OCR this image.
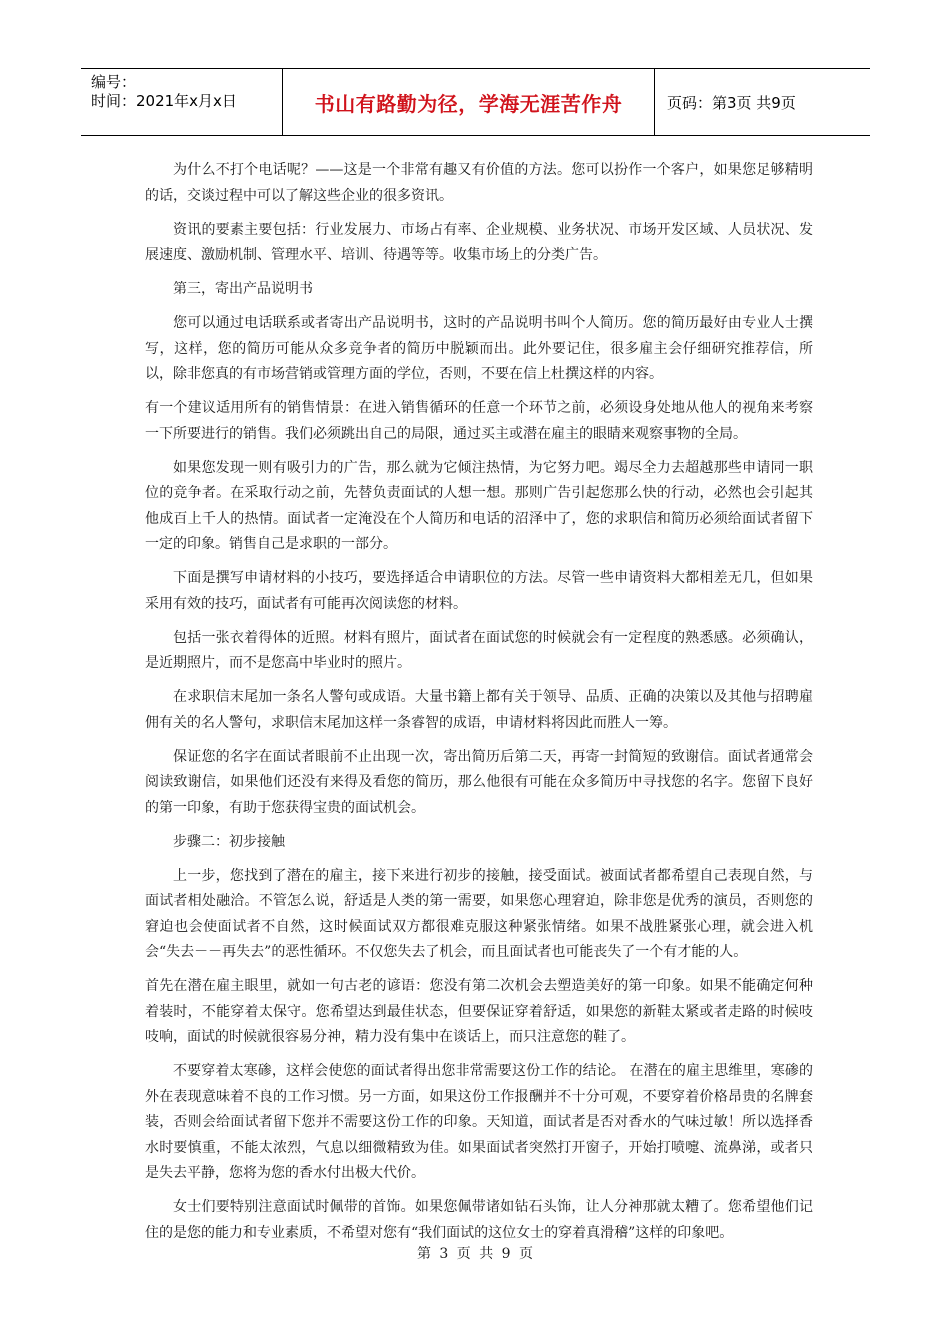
编号：
时间：2021年x月x日	书山有路勤为径，学海无涯苦作舟	页码：第3页 共9页

为什么不打个电话呢？——这是一个非常有趣又有价值的方法。您可以扮作一个客户，如果您足够精明的话，交谈过程中可以了解这些企业的很多资讯。

资讯的要素主要包括：行业发展力、市场占有率、企业规模、业务状况、市场开发区域、人员状况、发展速度、激励机制、管理水平、培训、待遇等等。收集市场上的分类广告。

第三，寄出产品说明书

您可以通过电话联系或者寄出产品说明书，这时的产品说明书叫个人简历。您的简历最好由专业人士撰写，这样，您的简历可能从众多竞争者的简历中脱颖而出。此外要记住，很多雇主会仔细研究推荐信，所以，除非您真的有市场营销或管理方面的学位，否则，不要在信上杜撰这样的内容。

有一个建议适用所有的销售情景：在进入销售循环的任意一个环节之前，必须设身处地从他人的视角来考察一下所要进行的销售。我们必须跳出自己的局限，通过买主或潜在雇主的眼睛来观察事物的全局。

如果您发现一则有吸引力的广告，那么就为它倾注热情，为它努力吧。竭尽全力去超越那些申请同一职位的竞争者。在采取行动之前，先替负责面试的人想一想。那则广告引起您那么快的行动，必然也会引起其他成百上千人的热情。面试者一定淹没在个人简历和电话的沼泽中了，您的求职信和简历必须给面试者留下一定的印象。销售自己是求职的一部分。

下面是撰写申请材料的小技巧，要选择适合申请职位的方法。尽管一些申请资料大都相差无几，但如果采用有效的技巧，面试者有可能再次阅读您的材料。

包括一张衣着得体的近照。材料有照片，面试者在面试您的时候就会有一定程度的熟悉感。必须确认，是近期照片，而不是您高中毕业时的照片。

在求职信末尾加一条名人警句或成语。大量书籍上都有关于领导、品质、正确的决策以及其他与招聘雇佣有关的名人警句，求职信末尾加这样一条睿智的成语，申请材料将因此而胜人一筹。

保证您的名字在面试者眼前不止出现一次，寄出简历后第二天，再寄一封简短的致谢信。面试者通常会阅读致谢信，如果他们还没有来得及看您的简历，那么他很有可能在众多简历中寻找您的名字。您留下良好的第一印象，有助于您获得宝贵的面试机会。

步骤二：初步接触

上一步，您找到了潜在的雇主，接下来进行初步的接触，接受面试。被面试者都希望自己表现自然，与面试者相处融洽。不管怎么说，舒适是人类的第一需要，如果您心理窘迫，除非您是优秀的演员，否则您的窘迫也会使面试者不自然，这时候面试双方都很难克服这种紧张情绪。如果不战胜紧张心理，就会进入机会“失去－－再失去”的恶性循环。不仅您失去了机会，而且面试者也可能丧失了一个有才能的人。

首先在潜在雇主眼里，就如一句古老的谚语：您没有第二次机会去塑造美好的第一印象。如果不能确定何种着装时，不能穿着太保守。您希望达到最佳状态，但要保证穿着舒适，如果您的新鞋太紧或者走路的时候吱吱响，面试的时候就很容易分神，精力没有集中在谈话上，而只注意您的鞋了。

不要穿着太寒碜，这样会使您的面试者得出您非常需要这份工作的结论。 在潜在的雇主思维里，寒碜的外在表现意味着不良的工作习惯。另一方面，如果这份工作报酬并不十分可观，不要穿着价格昂贵的名牌套装，否则会给面试者留下您并不需要这份工作的印象。天知道，面试者是否对香水的气味过敏！所以选择香水时要慎重，不能太浓烈，气息以细微精致为佳。如果面试者突然打开窗子，开始打喷嚏、流鼻涕，或者只是失去平静，您将为您的香水付出极大代价。

女士们要特别注意面试时佩带的首饰。如果您佩带诸如钻石头饰，让人分神那就太糟了。您希望他们记住的是您的能力和专业素质，不希望对您有“我们面试的这位女士的穿着真滑稽”这样的印象吧。

第 3 页 共 9 页
